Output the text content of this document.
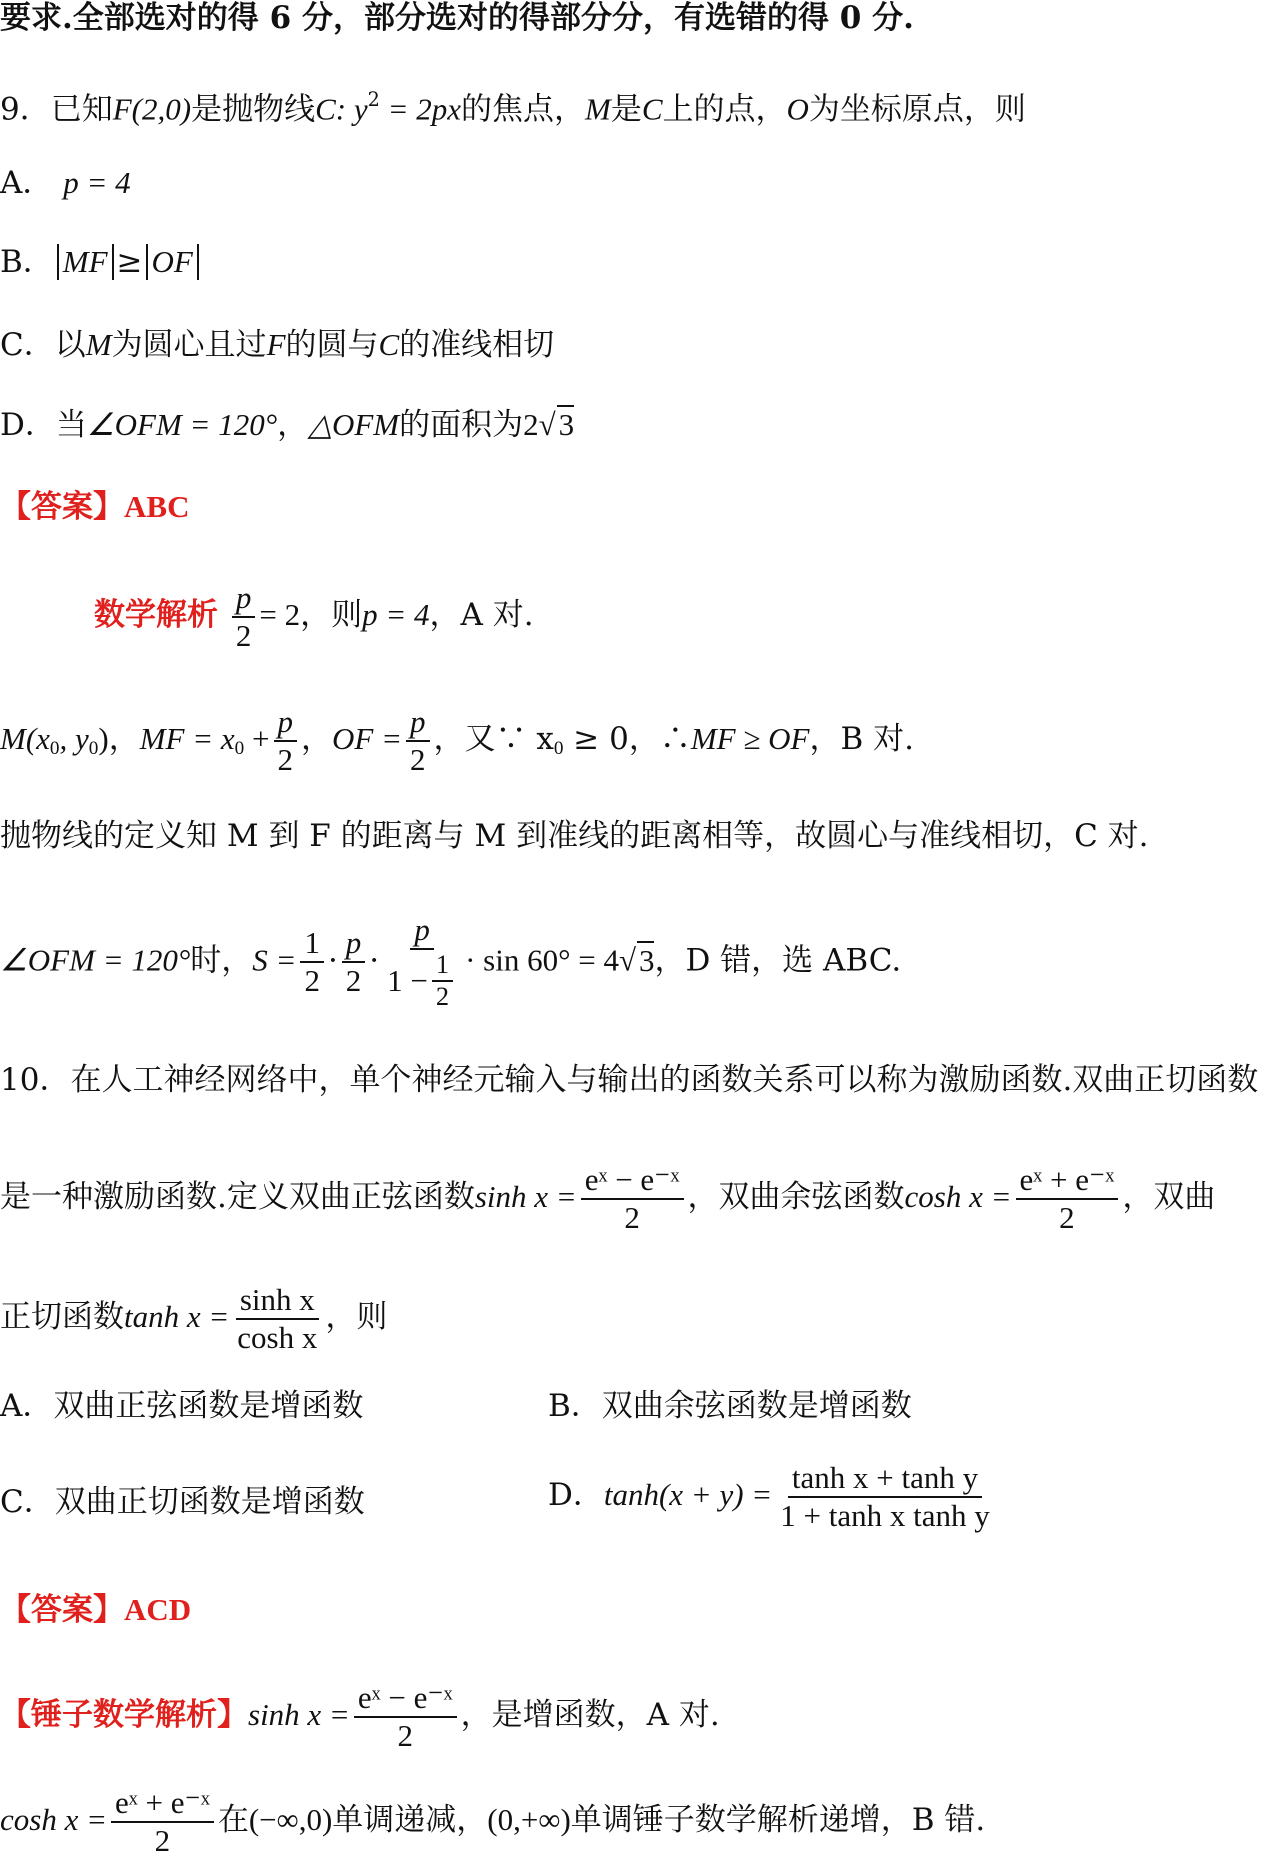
要求.全部选对的得 6 分，部分选对的得部分分，有选错的得 0 分.
9．已知F(2,0)是抛物线C: $y^2 = 2px$的焦点，M是C上的点，O为坐标原点，则
A． p = 4
B． MF ≥ OF
C．以M为圆心且过F的圆与C的准线相切
D．当∠OFM = 120°，△OFM的面积为2√3
【答案】ABC
数学解析 $\frac{p}{2} = 2$，则p = 4，A 对.
$M(x_0$, $y_0$)，MF = $x_0 + \frac{p}{2}$ ，OF = $\frac{p}{2}$ ，又∵ $x_0 \ge 0$，∴MF ≥ OF，B 对.
抛物线的定义知 M 到 F 的距离与 M 到准线的距离相等，故圆心与准线相切，C 对.
∠OFM = 120°时，$S = \frac{1}{2} \cdot \frac{p}{2} \cdot \frac{p}{1 - \frac{1}{2}} \cdot \sin 60^\circ = 4√3$，D 错，选 ABC.
10．在人工神经网络中，单个神经元输入与输出的函数关系可以称为激励函数.双曲正切函数
是一种激励函数.定义双曲正弦函数$\sinh x = \frac{\text{eˣ − e⁻ˣ}}{2}$ ，双曲余弦函数$\cosh x = \frac{\text{eˣ + e⁻ˣ}}{2}$ ，双曲
正切函数$\tanh x = \frac{\text{sinh x}}{\text{cosh x}}$ ，则
A．双曲正弦函数是增函数	B．双曲余弦函数是增函数
C．双曲正切函数是增函数	D．$\tanh(x + y) = \frac{\text{tanh x + tanh y}}{\text{1 + tanh x tanh y}}$
【答案】ACD
【锤子数学解析】$\sinh x = \frac{\text{eˣ − e⁻ˣ}}{2}$ ，是增函数，A 对.
$\cosh x = \frac{\text{eˣ + e⁻ˣ}}{2}$ 在(−∞,0)单调递减，(0,+∞)单调锤子数学解析递增，B 错.
